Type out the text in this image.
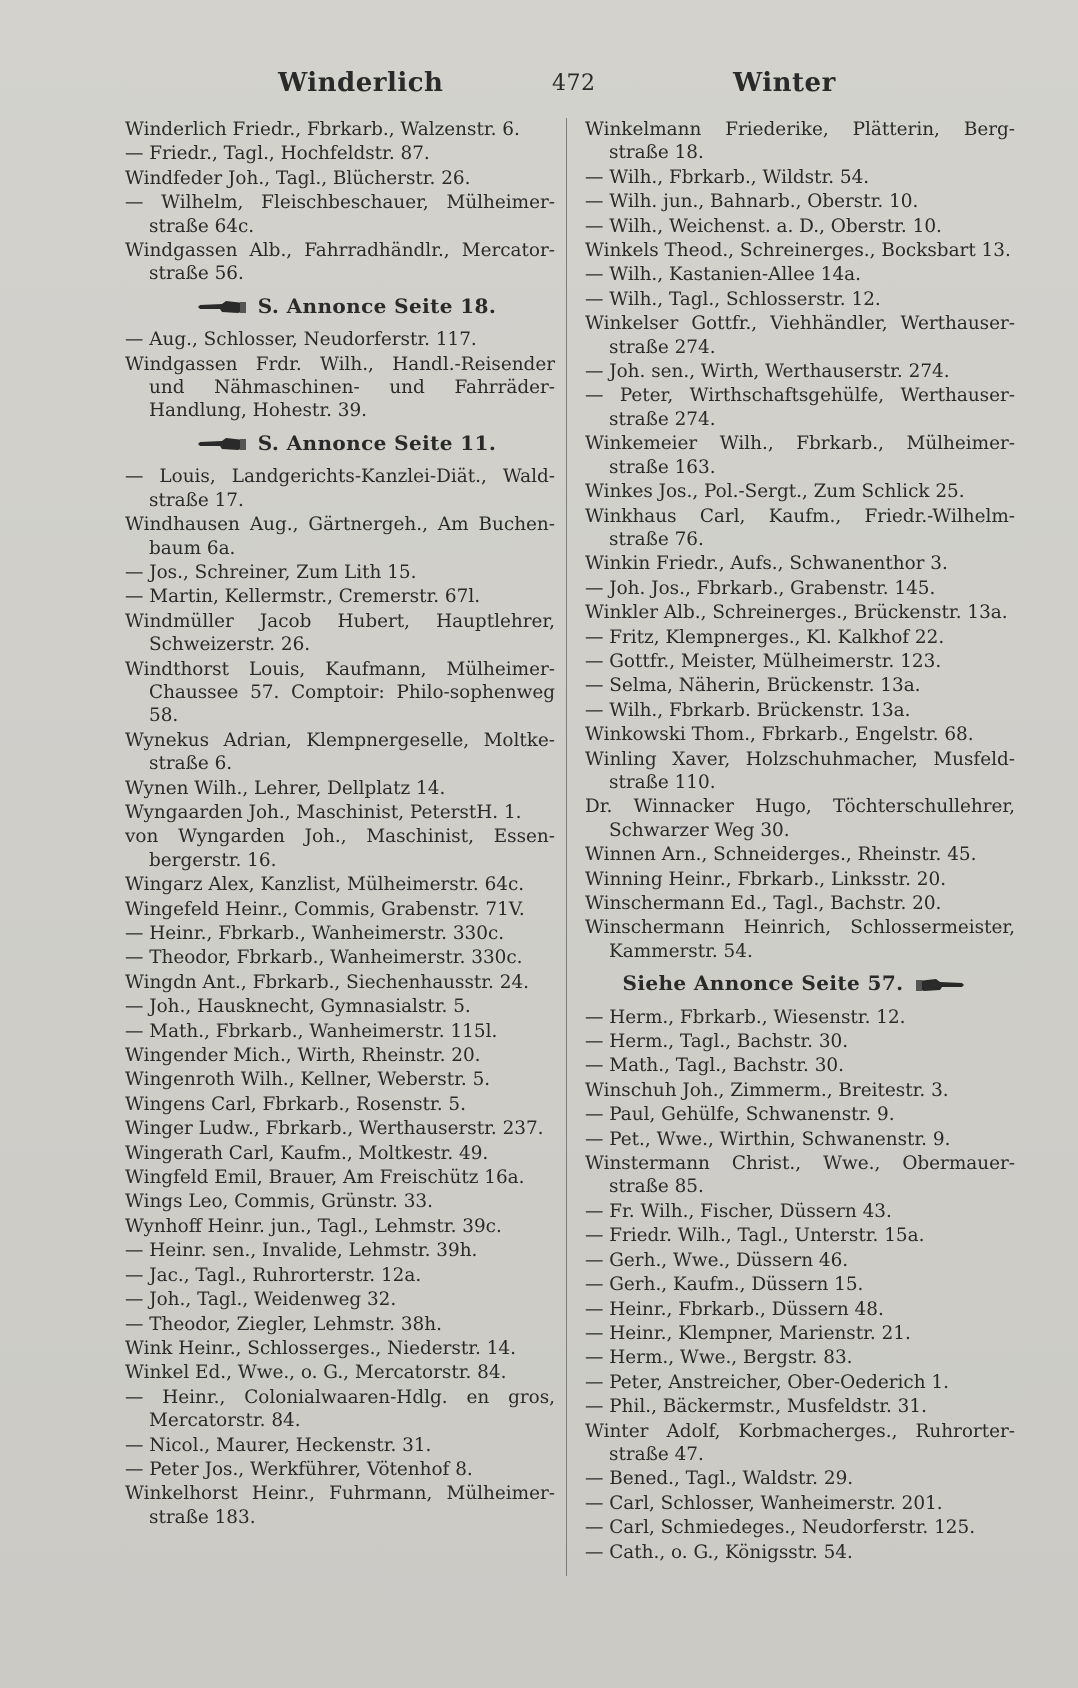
Winderlich	472	Winter
Winderlich Friedr., Fbrkarb., Walzenstr. 6.
— Friedr., Tagl., Hochfeldstr. 87.
Windfeder Joh., Tagl., Blücherstr. 26.
— Wilhelm, Fleischbeschauer, Mülheimer-straße 64c.
Windgassen Alb., Fahrradhändlr., Mercator-straße 56.
S. Annonce Seite 18.
— Aug., Schlosser, Neudorferstr. 117.
Windgassen Frdr. Wilh., Handl.-Reisender und Nähmaschinen- und Fahrräder-Handlung, Hohestr. 39.
S. Annonce Seite 11.
— Louis, Landgerichts-Kanzlei-Diät., Wald-straße 17.
Windhausen Aug., Gärtnergeh., Am Buchen-baum 6a.
— Jos., Schreiner, Zum Lith 15.
— Martin, Kellermstr., Cremerstr. 67l.
Windmüller Jacob Hubert, Hauptlehrer, Schweizerstr. 26.
Windthorst Louis, Kaufmann, Mülheimer-Chaussee 57. Comptoir: Philo-sophenweg 58.
Wynekus Adrian, Klempnergeselle, Moltke-straße 6.
Wynen Wilh., Lehrer, Dellplatz 14.
Wyngaarden Joh., Maschinist, PeterstH. 1.
von Wyngarden Joh., Maschinist, Essen-bergerstr. 16.
Wingarz Alex, Kanzlist, Mülheimerstr. 64c.
Wingefeld Heinr., Commis, Grabenstr. 71V.
— Heinr., Fbrkarb., Wanheimerstr. 330c.
— Theodor, Fbrkarb., Wanheimerstr. 330c.
Wingdn Ant., Fbrkarb., Siechenhausstr. 24.
— Joh., Hausknecht, Gymnasialstr. 5.
— Math., Fbrkarb., Wanheimerstr. 115l.
Wingender Mich., Wirth, Rheinstr. 20.
Wingenroth Wilh., Kellner, Weberstr. 5.
Wingens Carl, Fbrkarb., Rosenstr. 5.
Winger Ludw., Fbrkarb., Werthauserstr. 237.
Wingerath Carl, Kaufm., Moltkestr. 49.
Wingfeld Emil, Brauer, Am Freischütz 16a.
Wings Leo, Commis, Grünstr. 33.
Wynhoff Heinr. jun., Tagl., Lehmstr. 39c.
— Heinr. sen., Invalide, Lehmstr. 39h.
— Jac., Tagl., Ruhrorterstr. 12a.
— Joh., Tagl., Weidenweg 32.
— Theodor, Ziegler, Lehmstr. 38h.
Wink Heinr., Schlosserges., Niederstr. 14.
Winkel Ed., Wwe., o. G., Mercatorstr. 84.
— Heinr., Colonialwaaren-Hdlg. en gros, Mercatorstr. 84.
— Nicol., Maurer, Heckenstr. 31.
— Peter Jos., Werkführer, Vötenhof 8.
Winkelhorst Heinr., Fuhrmann, Mülheimer-straße 183.
Winkelmann Friederike, Plätterin, Berg-straße 18.
— Wilh., Fbrkarb., Wildstr. 54.
— Wilh. jun., Bahnarb., Oberstr. 10.
— Wilh., Weichenst. a. D., Oberstr. 10.
Winkels Theod., Schreinerges., Bocksbart 13.
— Wilh., Kastanien-Allee 14a.
— Wilh., Tagl., Schlosserstr. 12.
Winkelser Gottfr., Viehhändler, Werthauser-straße 274.
— Joh. sen., Wirth, Werthauserstr. 274.
— Peter, Wirthschaftsgehülfe, Werthauser-straße 274.
Winkemeier Wilh., Fbrkarb., Mülheimer-straße 163.
Winkes Jos., Pol.-Sergt., Zum Schlick 25.
Winkhaus Carl, Kaufm., Friedr.-Wilhelm-straße 76.
Winkin Friedr., Aufs., Schwanenthor 3.
— Joh. Jos., Fbrkarb., Grabenstr. 145.
Winkler Alb., Schreinerges., Brückenstr. 13a.
— Fritz, Klempnerges., Kl. Kalkhof 22.
— Gottfr., Meister, Mülheimerstr. 123.
— Selma, Näherin, Brückenstr. 13a.
— Wilh., Fbrkarb. Brückenstr. 13a.
Winkowski Thom., Fbrkarb., Engelstr. 68.
Winling Xaver, Holzschuhmacher, Musfeld-straße 110.
Dr. Winnacker Hugo, Töchterschullehrer, Schwarzer Weg 30.
Winnen Arn., Schneiderges., Rheinstr. 45.
Winning Heinr., Fbrkarb., Linksstr. 20.
Winschermann Ed., Tagl., Bachstr. 20.
Winschermann Heinrich, Schlossermeister, Kammerstr. 54.
Siehe Annonce Seite 57.
— Herm., Fbrkarb., Wiesenstr. 12.
— Herm., Tagl., Bachstr. 30.
— Math., Tagl., Bachstr. 30.
Winschuh Joh., Zimmerm., Breitestr. 3.
— Paul, Gehülfe, Schwanenstr. 9.
— Pet., Wwe., Wirthin, Schwanenstr. 9.
Winstermann Christ., Wwe., Obermauer-straße 85.
— Fr. Wilh., Fischer, Düssern 43.
— Friedr. Wilh., Tagl., Unterstr. 15a.
— Gerh., Wwe., Düssern 46.
— Gerh., Kaufm., Düssern 15.
— Heinr., Fbrkarb., Düssern 48.
— Heinr., Klempner, Marienstr. 21.
— Herm., Wwe., Bergstr. 83.
— Peter, Anstreicher, Ober-Oederich 1.
— Phil., Bäckermstr., Musfeldstr. 31.
Winter Adolf, Korbmacherges., Ruhrorter-straße 47.
— Bened., Tagl., Waldstr. 29.
— Carl, Schlosser, Wanheimerstr. 201.
— Carl, Schmiedeges., Neudorferstr. 125.
— Cath., o. G., Königsstr. 54.
